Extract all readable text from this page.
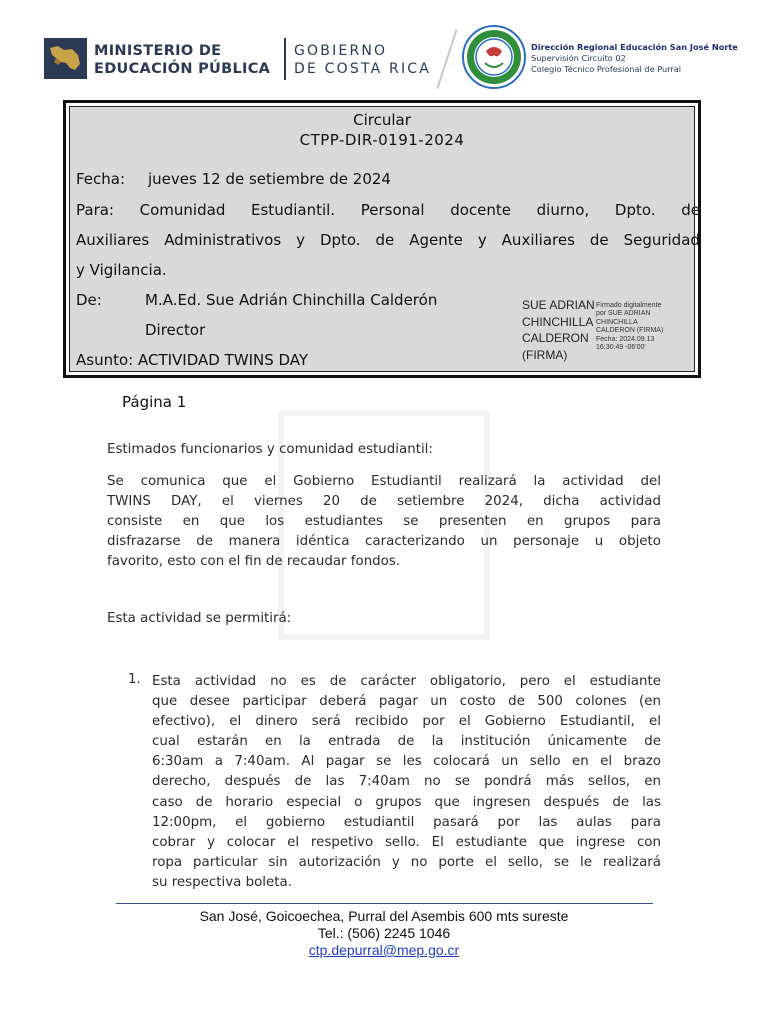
MINISTERIO DE
EDUCACIÓN PÚBLICA
GOBIERNO
DE COSTA RICA
Dirección Regional Educación San José Norte
Supervisión Circuito 02
Colegio Técnico Profesional de Purral
Circular
CTPP-DIR-0191-2024
Fecha: jueves 12 de setiembre de 2024
Para: Comunidad Estudiantil. Personal docente diurno, Dpto. de
Auxiliares Administrativos y Dpto. de Agente y Auxiliares de Seguridad
y Vigilancia.
De:	M.A.Ed. Sue Adrián Chinchilla Calderón
Director
Asunto: ACTIVIDAD TWINS DAY
SUE ADRIAN
CHINCHILLA
CALDERON
(FIRMA)
Firmado digitalmente
por SUE ADRIAN
CHINCHILLA
CALDERON (FIRMA)
Fecha: 2024.09.13
16:30:49 -06'00'
Página 1
Estimados funcionarios y comunidad estudiantil:
Se comunica que el Gobierno Estudiantil realizará la actividad del
TWINS DAY, el viernes 20 de setiembre 2024, dicha actividad
consiste en que los estudiantes se presenten en grupos para
disfrazarse de manera idéntica caracterizando un personaje u objeto
favorito, esto con el fin de recaudar fondos.
Esta actividad se permitirá:
1. Esta actividad no es de carácter obligatorio, pero el estudiante
que desee participar deberá pagar un costo de 500 colones (en
efectivo), el dinero será recibido por el Gobierno Estudiantil, el
cual estarán en la entrada de la institución únicamente de
6:30am a 7:40am. Al pagar se les colocará un sello en el brazo
derecho, después de las 7:40am no se pondrá más sellos, en
caso de horario especial o grupos que ingresen después de las
12:00pm, el gobierno estudiantil pasará por las aulas para
cobrar y colocar el respetivo sello. El estudiante que ingrese con
ropa particular sin autorización y no porte el sello, se le realizará
su respectiva boleta.
San José, Goicoechea, Purral del Asembis 600 mts sureste
Tel.: (506) 2245 1046
ctp.depurral@mep.go.cr
